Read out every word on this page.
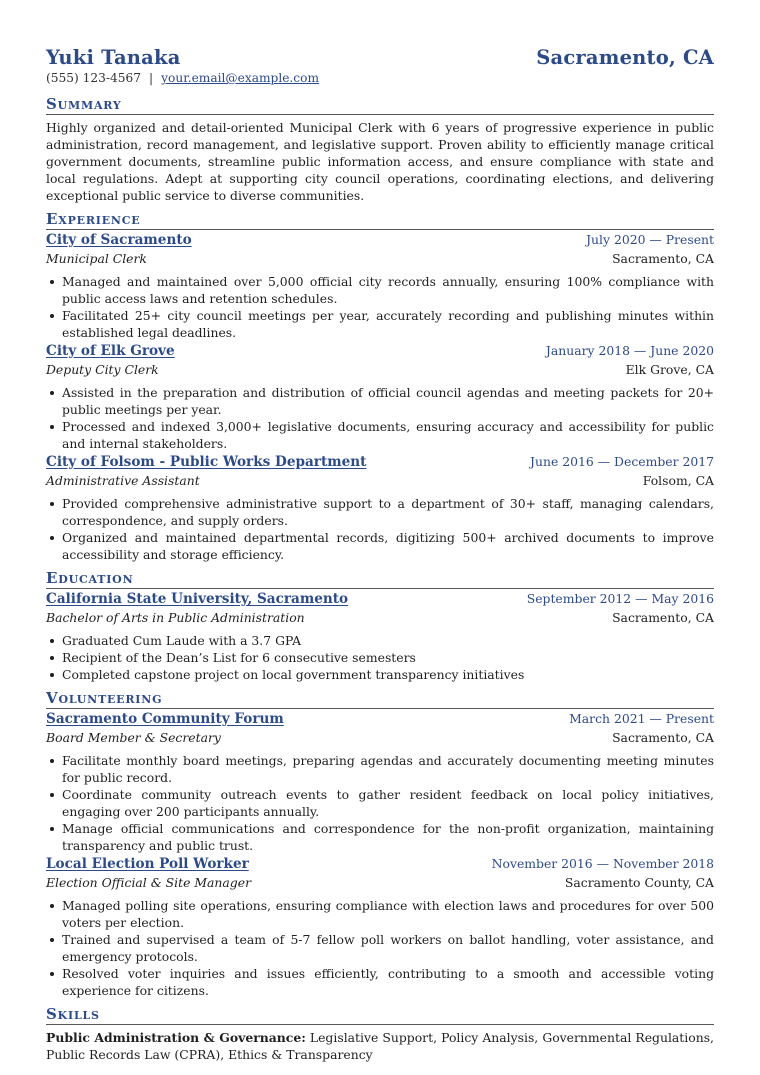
Yuki Tanaka	Sacramento, CA
(555) 123-4567 | your.email@example.com
Summary

Highly organized and detail-oriented Municipal Clerk with 6 years of progressive experience in public administration, record management, and legislative support. Proven ability to efficiently manage critical government documents, streamline public information access, and ensure compliance with state and local regulations. Adept at supporting city council operations, coordinating elections, and delivering exceptional public service to diverse communities.

Experience
City of Sacramento	July 2020 — Present
Municipal Clerk	Sacramento, CA
Managed and maintained over 5,000 official city records annually, ensuring 100% compliance with public access laws and retention schedules.
Facilitated 25+ city council meetings per year, accurately recording and publishing minutes within established legal deadlines.
City of Elk Grove	January 2018 — June 2020
Deputy City Clerk	Elk Grove, CA
Assisted in the preparation and distribution of official council agendas and meeting packets for 20+ public meetings per year.
Processed and indexed 3,000+ legislative documents, ensuring accuracy and accessibility for public and internal stakeholders.
City of Folsom - Public Works Department	June 2016 — December 2017
Administrative Assistant	Folsom, CA
Provided comprehensive administrative support to a department of 30+ staff, managing calendars, correspondence, and supply orders.
Organized and maintained departmental records, digitizing 500+ archived documents to improve accessibility and storage efficiency.
Education
California State University, Sacramento	September 2012 — May 2016
Bachelor of Arts in Public Administration	Sacramento, CA
Graduated Cum Laude with a 3.7 GPA
Recipient of the Dean’s List for 6 consecutive semesters
Completed capstone project on local government transparency initiatives
Volunteering
Sacramento Community Forum	March 2021 — Present
Board Member & Secretary	Sacramento, CA
Facilitate monthly board meetings, preparing agendas and accurately documenting meeting minutes for public record.
Coordinate community outreach events to gather resident feedback on local policy initiatives, engaging over 200 participants annually.
Manage official communications and correspondence for the non-profit organization, maintaining transparency and public trust.
Local Election Poll Worker	November 2016 — November 2018
Election Official & Site Manager	Sacramento County, CA
Managed polling site operations, ensuring compliance with election laws and procedures for over 500 voters per election.
Trained and supervised a team of 5-7 fellow poll workers on ballot handling, voter assistance, and emergency protocols.
Resolved voter inquiries and issues efficiently, contributing to a smooth and accessible voting experience for citizens.
Skills

Public Administration & Governance: Legislative Support, Policy Analysis, Governmental Regulations, Public Records Law (CPRA), Ethics & Transparency
